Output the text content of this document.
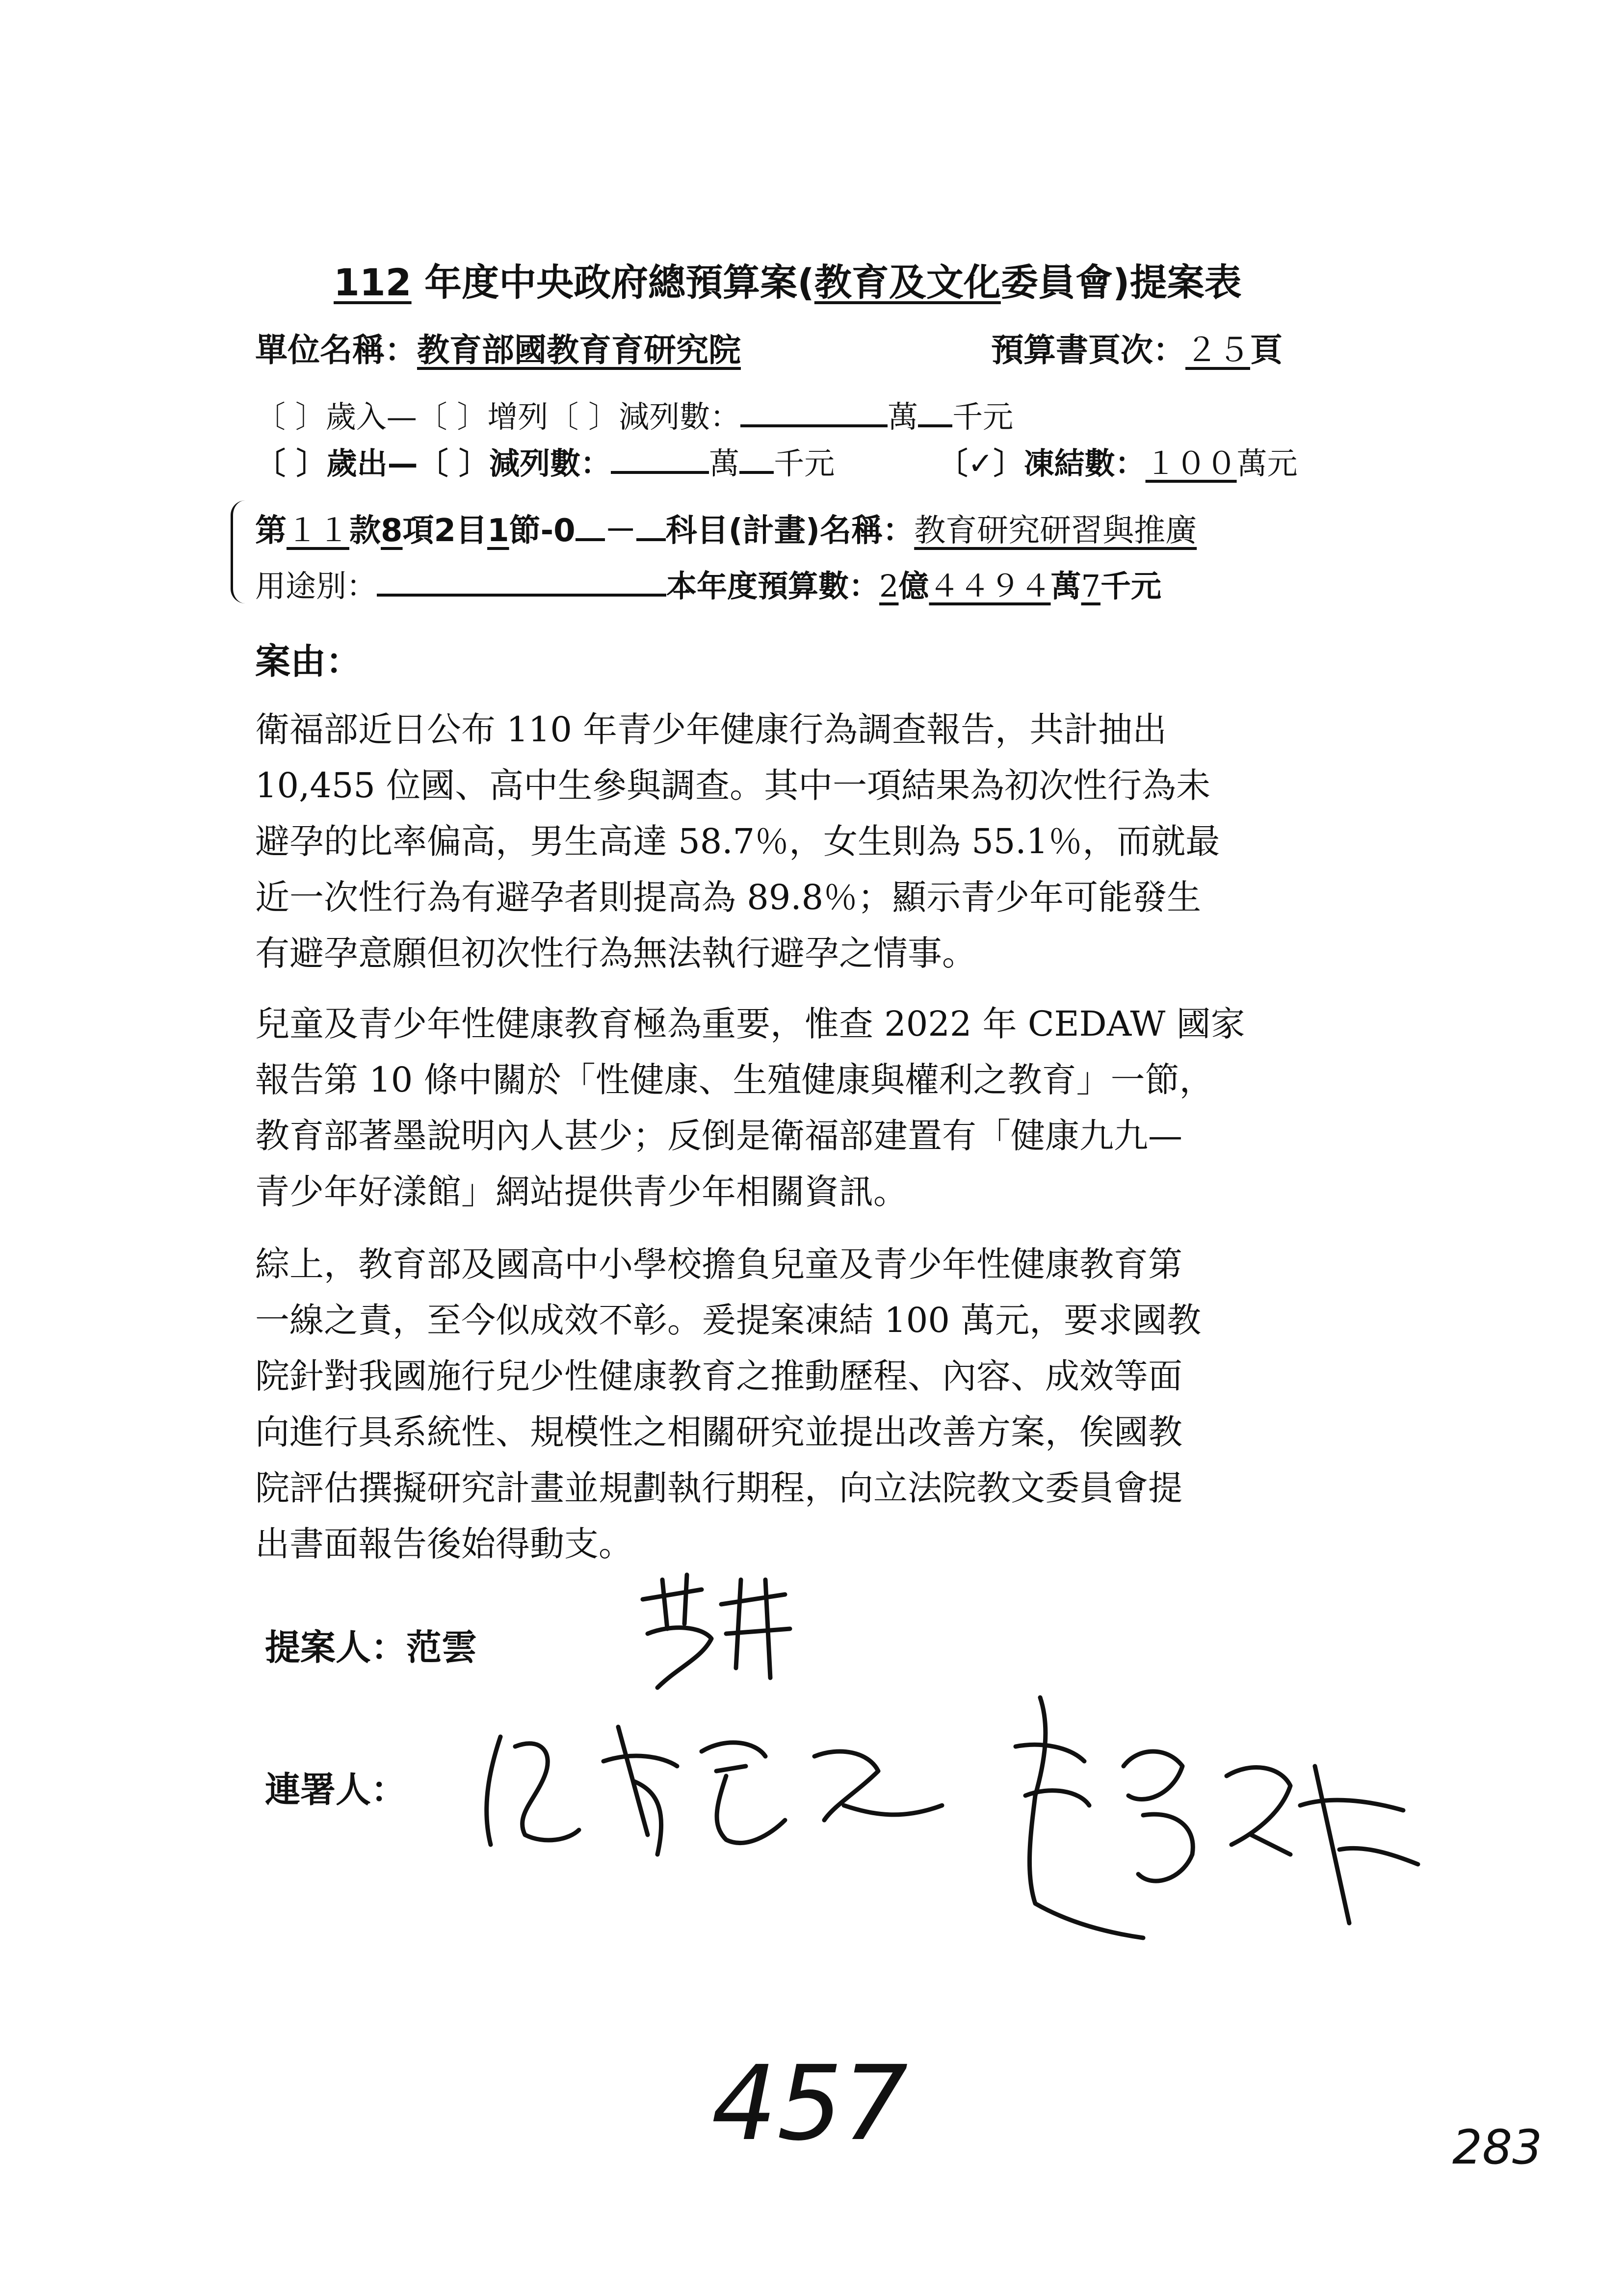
112 年度中央政府總預算案(教育及文化委員會)提案表
單位名稱：教育部國教育育研究院	預算書頁次：２５頁
〔 〕歲入—〔 〕增列〔 〕減列數：	萬 千元
〔 〕歲出—〔 〕減列數：	萬 千元	〔✓〕凍結數：１００萬元
第１１款8項2目1節-0 － 科目(計畫)名稱：教育研究研習與推廣
用途別：	本年度預算數：2億４４９４萬7千元
案由：

衛福部近日公布 110 年青少年健康行為調查報告，共計抽出

10,455 位國、高中生參與調查。其中一項結果為初次性行為未

避孕的比率偏高，男生高達 58.7％，女生則為 55.1％，而就最

近一次性行為有避孕者則提高為 89.8％；顯示青少年可能發生

有避孕意願但初次性行為無法執行避孕之情事。

兒童及青少年性健康教育極為重要，惟查 2022 年 CEDAW 國家

報告第 10 條中關於「性健康、生殖健康與權利之教育」一節，

教育部著墨說明內人甚少；反倒是衛福部建置有「健康九九—

青少年好漾館」網站提供青少年相關資訊。

綜上，教育部及國高中小學校擔負兒童及青少年性健康教育第

一線之責，至今似成效不彰。爰提案凍結 100 萬元，要求國教

院針對我國施行兒少性健康教育之推動歷程、內容、成效等面

向進行具系統性、規模性之相關研究並提出改善方案，俟國教

院評估撰擬研究計畫並規劃執行期程，向立法院教文委員會提

出書面報告後始得動支。

提案人：范雲
連署人：
457	283
